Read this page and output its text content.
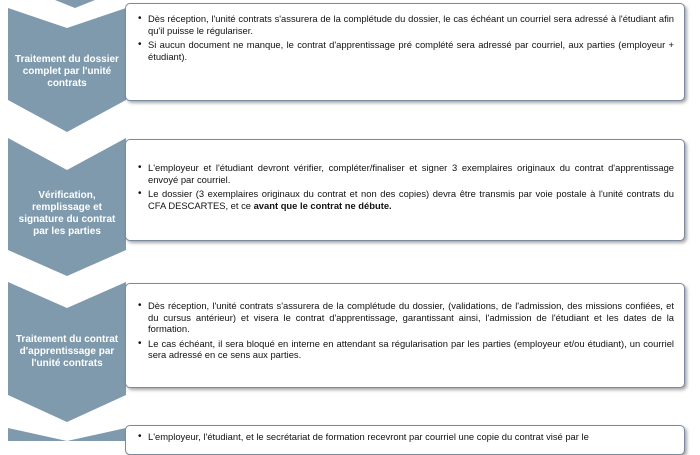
Traitement du dossier complet par l'unité contrats
• Dès réception, l'unité contrats s'assurera de la complétude du dossier, le cas échéant un courriel sera adressé à l'étudiant afin qu'il puisse le régulariser.
• Si aucun document ne manque, le contrat d'apprentissage pré complété sera adressé par courriel, aux parties (employeur + étudiant).
Vérification, remplissage et signature du contrat par les parties
• L'employeur et l'étudiant devront vérifier, compléter/finaliser et signer 3 exemplaires originaux du contrat d'apprentissage envoyé par courriel.
• Le dossier (3 exemplaires originaux du contrat et non des copies) devra être transmis par voie postale à l'unité contrats du CFA DESCARTES, et ce avant que le contrat ne débute.
Traitement du contrat d'apprentissage par l'unité contrats
• Dès réception, l'unité contrats s'assurera de la complétude du dossier, (validations, de l'admission, des missions confiées, et du cursus antérieur) et visera le contrat d'apprentissage, garantissant ainsi, l'admission de l'étudiant et les dates de la formation.
• Le cas échéant, il sera bloqué en interne en attendant sa régularisation par les parties (employeur et/ou étudiant), un courriel sera adressé en ce sens aux parties.
• L'employeur, l'étudiant, et le secrétariat de formation recevront par courriel une copie du contrat visé par le
